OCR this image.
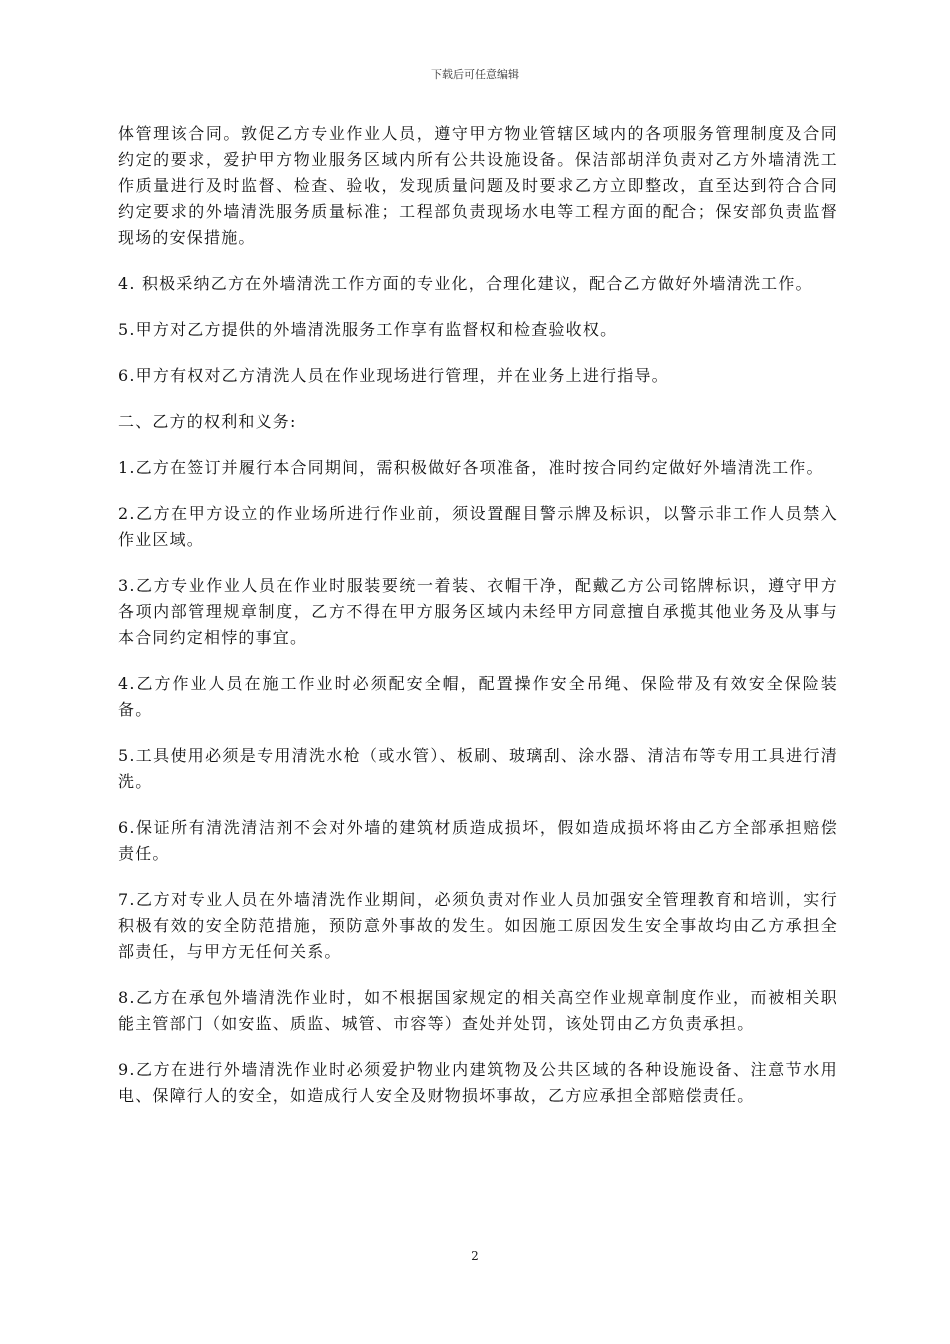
下载后可任意编辑

体管理该合同。敦促乙方专业作业人员，遵守甲方物业管辖区域内的各项服务管理制度及合同约定的要求，爱护甲方物业服务区域内所有公共设施设备。保洁部胡洋负责对乙方外墙清洗工作质量进行及时监督、检查、验收，发现质量问题及时要求乙方立即整改，直至达到符合合同约定要求的外墙清洗服务质量标准；工程部负责现场水电等工程方面的配合；保安部负责监督现场的安保措施。

4. 积极采纳乙方在外墙清洗工作方面的专业化，合理化建议，配合乙方做好外墙清洗工作。

5.甲方对乙方提供的外墙清洗服务工作享有监督权和检查验收权。

6.甲方有权对乙方清洗人员在作业现场进行管理，并在业务上进行指导。

二、乙方的权利和义务:

1.乙方在签订并履行本合同期间，需积极做好各项准备，准时按合同约定做好外墙清洗工作。

2.乙方在甲方设立的作业场所进行作业前，须设置醒目警示牌及标识，以警示非工作人员禁入作业区域。

3.乙方专业作业人员在作业时服装要统一着装、衣帽干净，配戴乙方公司铭牌标识，遵守甲方各项内部管理规章制度，乙方不得在甲方服务区域内未经甲方同意擅自承揽其他业务及从事与本合同约定相悖的事宜。

4.乙方作业人员在施工作业时必须配安全帽，配置操作安全吊绳、保险带及有效安全保险装备。

5.工具使用必须是专用清洗水枪（或水管）、板刷、玻璃刮、涂水器、清洁布等专用工具进行清洗。

6.保证所有清洗清洁剂不会对外墙的建筑材质造成损坏，假如造成损坏将由乙方全部承担赔偿责任。

7.乙方对专业人员在外墙清洗作业期间，必须负责对作业人员加强安全管理教育和培训，实行积极有效的安全防范措施，预防意外事故的发生。如因施工原因发生安全事故均由乙方承担全部责任，与甲方无任何关系。

8.乙方在承包外墙清洗作业时，如不根据国家规定的相关高空作业规章制度作业，而被相关职能主管部门（如安监、质监、城管、市容等）查处并处罚，该处罚由乙方负责承担。

9.乙方在进行外墙清洗作业时必须爱护物业内建筑物及公共区域的各种设施设备、注意节水用电、保障行人的安全，如造成行人安全及财物损坏事故，乙方应承担全部赔偿责任。

2
